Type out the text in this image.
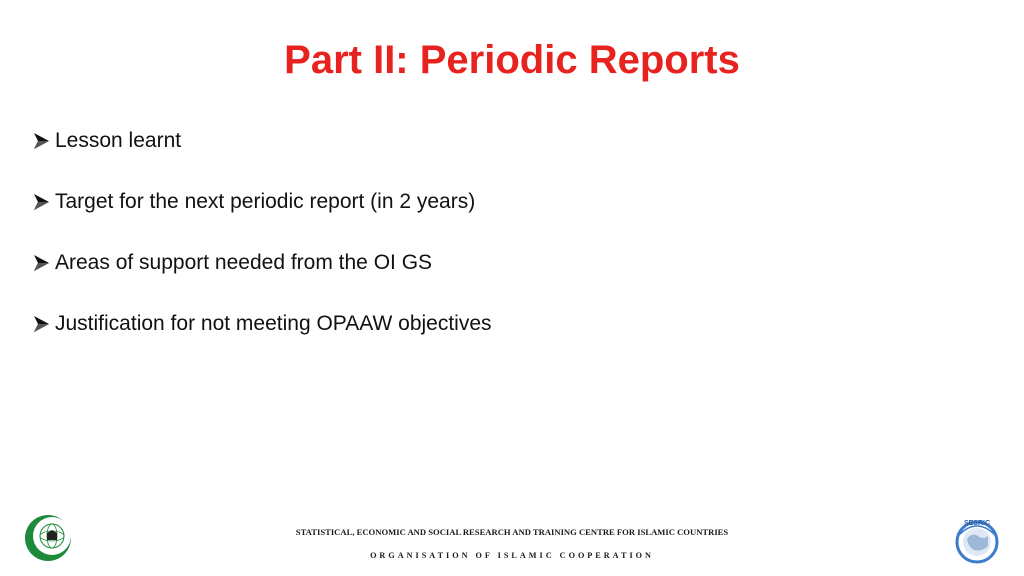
Part II: Periodic Reports
Lesson learnt
Target for the next periodic report (in 2 years)
Areas of support needed from the OI GS
Justification for not meeting OPAAW objectives
SESRIC
STATISTICAL, ECONOMIC AND SOCIAL RESEARCH AND TRAINING CENTRE FOR ISLAMIC COUNTRIES
ORGANISATION OF ISLAMIC COOPERATION
